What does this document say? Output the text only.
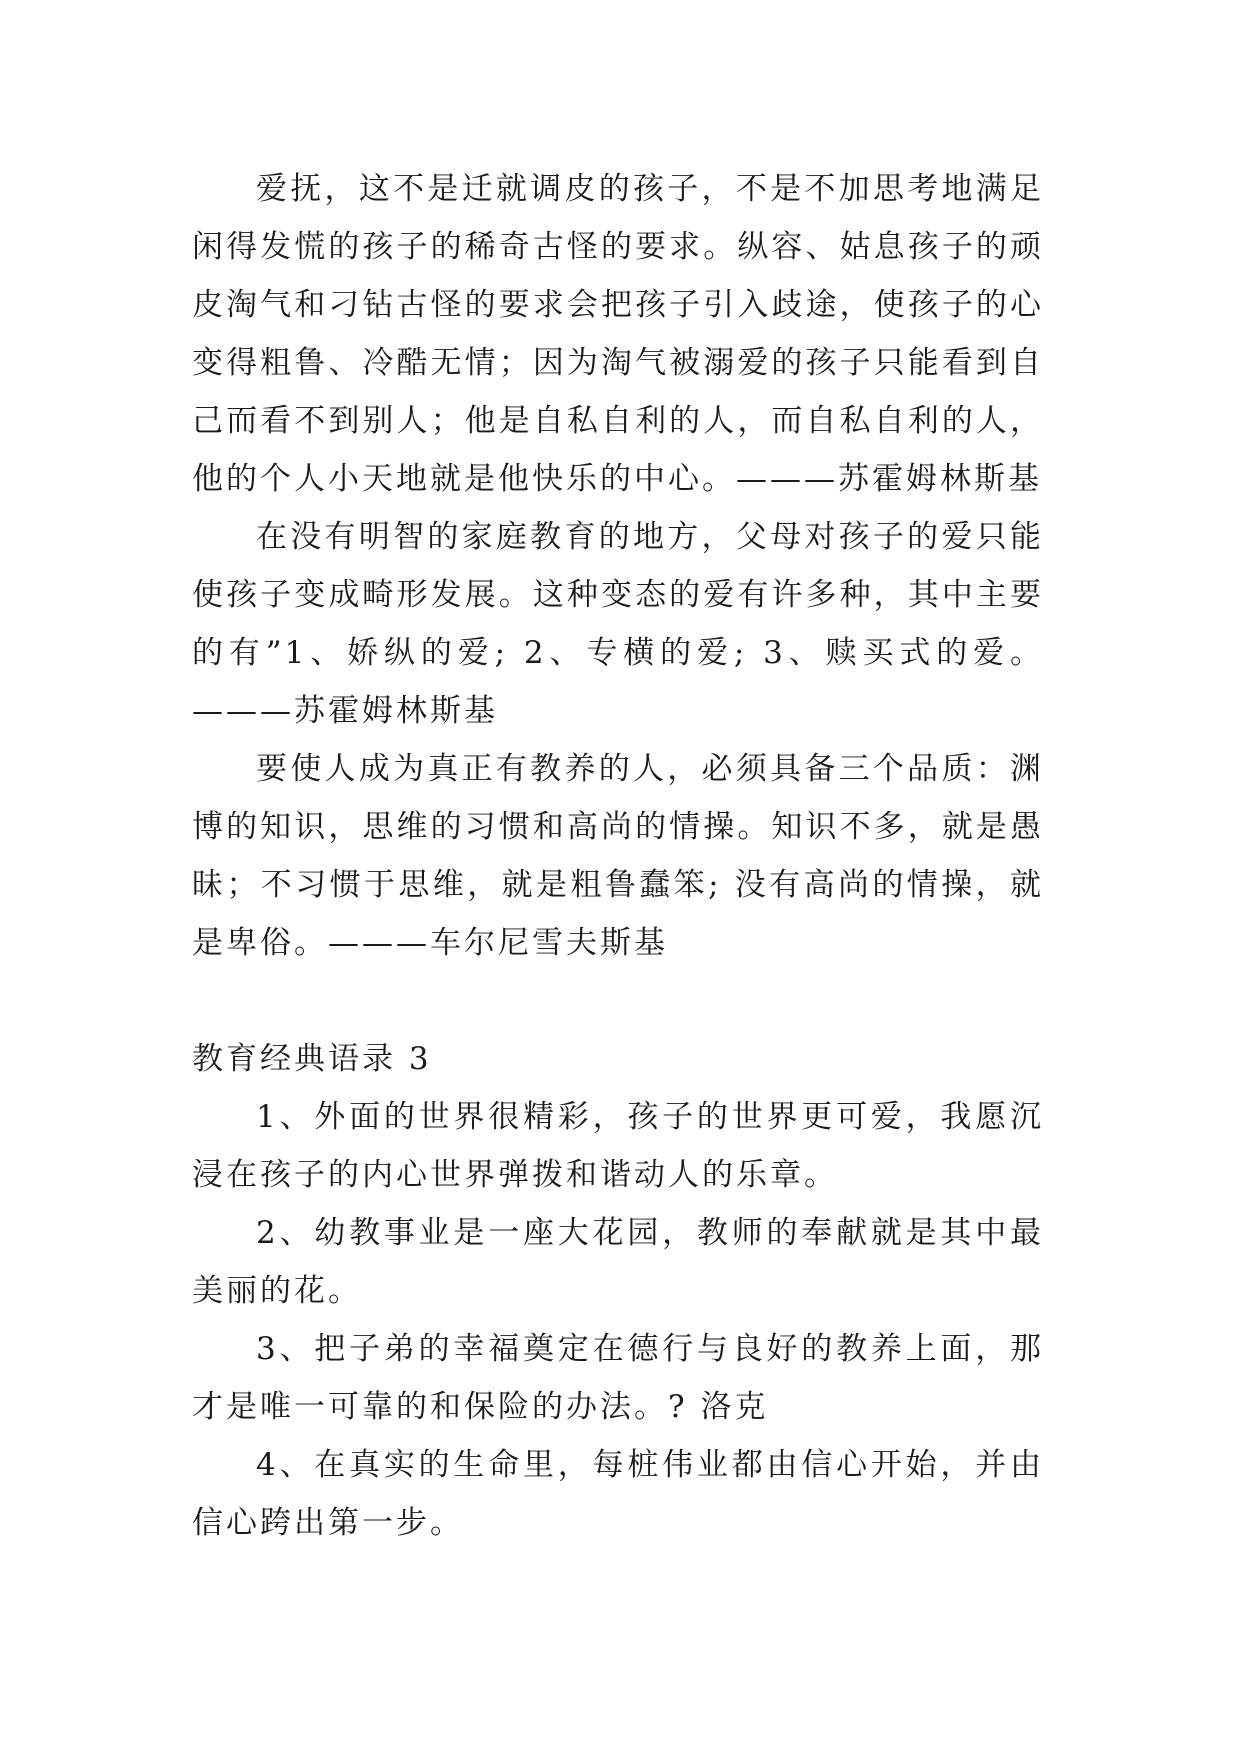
爱抚，这不是迁就调皮的孩子，不是不加思考地满足闲得发慌的孩子的稀奇古怪的要求。纵容、姑息孩子的顽皮淘气和刁钻古怪的要求会把孩子引入歧途，使孩子的心变得粗鲁、冷酷无情；因为淘气被溺爱的孩子只能看到自己而看不到别人；他是自私自利的人，而自私自利的人，他的个人小天地就是他快乐的中心。———苏霍姆林斯基

在没有明智的家庭教育的地方，父母对孩子的爱只能使孩子变成畸形发展。这种变态的爱有许多种，其中主要的有”1、娇纵的爱; 2、专横的爱; 3、赎买式的爱。———苏霍姆林斯基

要使人成为真正有教养的人，必须具备三个品质：渊博的知识，思维的习惯和高尚的情操。知识不多，就是愚昧；不习惯于思维，就是粗鲁蠢笨; 没有高尚的情操，就是卑俗。———车尔尼雪夫斯基

教育经典语录 3

1、外面的世界很精彩，孩子的世界更可爱，我愿沉浸在孩子的内心世界弹拨和谐动人的乐章。

2、幼教事业是一座大花园，教师的奉献就是其中最美丽的花。

3、把子弟的幸福奠定在德行与良好的教养上面，那才是唯一可靠的和保险的办法。? 洛克

4、在真实的生命里，每桩伟业都由信心开始，并由信心跨出第一步。
